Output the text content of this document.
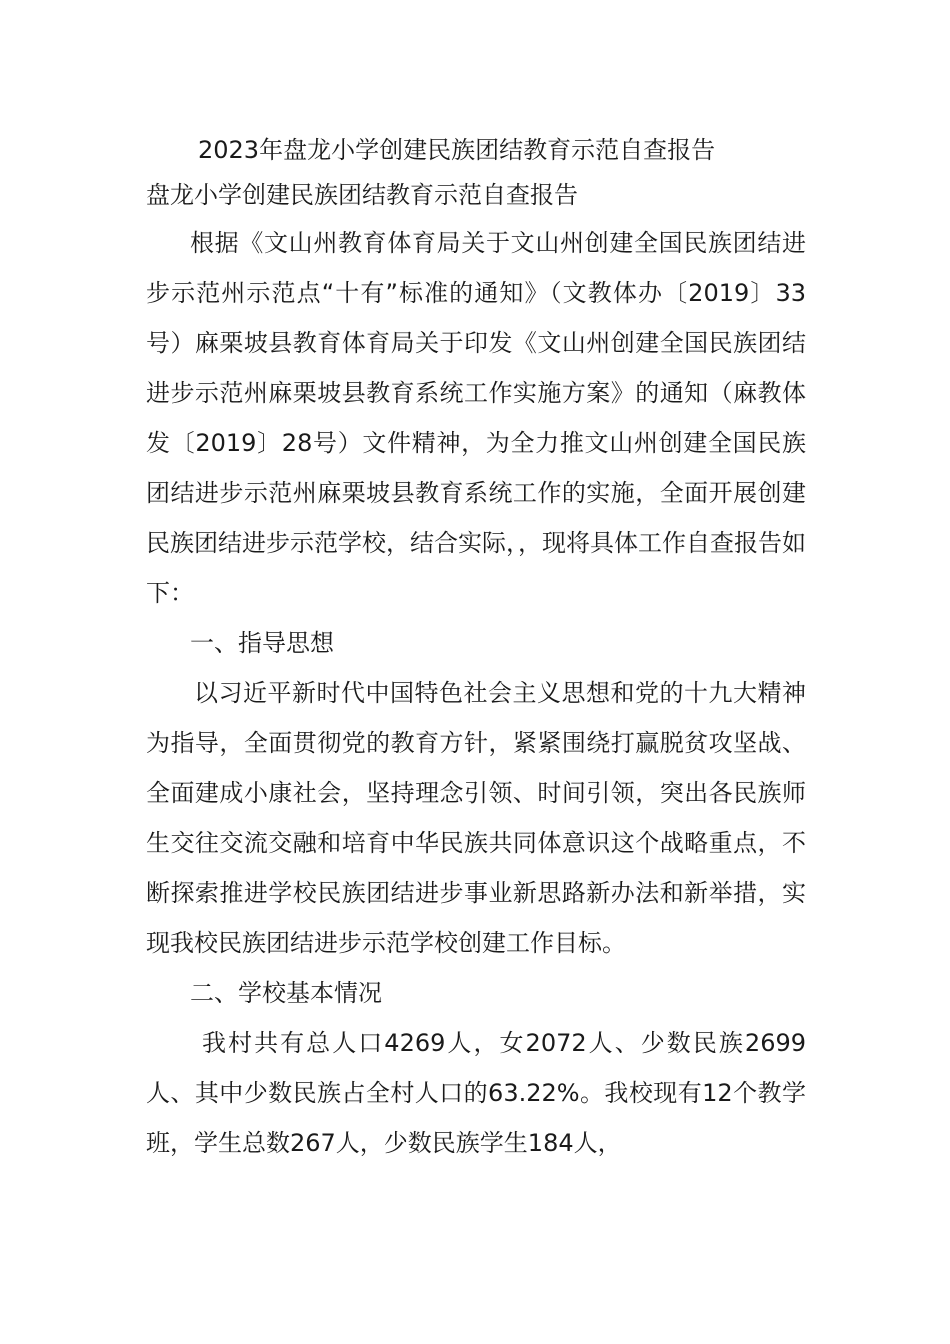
2023年盘龙小学创建民族团结教育示范自查报告

盘龙小学创建民族团结教育示范自查报告

根据《文山州教育体育局关于文山州创建全国民族团结进步示范州示范点“十有”标准的通知》（文教体办〔2019〕33号）麻栗坡县教育体育局关于印发《文山州创建全国民族团结进步示范州麻栗坡县教育系统工作实施方案》的通知（麻教体发〔2019〕28号）文件精神，为全力推文山州创建全国民族团结进步示范州麻栗坡县教育系统工作的实施，全面开展创建民族团结进步示范学校，结合实际，，现将具体工作自查报告如下：

一、指导思想

以习近平新时代中国特色社会主义思想和党的十九大精神为指导，全面贯彻党的教育方针，紧紧围绕打赢脱贫攻坚战、全面建成小康社会，坚持理念引领、时间引领，突出各民族师生交往交流交融和培育中华民族共同体意识这个战略重点，不断探索推进学校民族团结进步事业新思路新办法和新举措，实现我校民族团结进步示范学校创建工作目标。

二、学校基本情况

我村共有总人口4269人，女2072人、少数民族2699人、其中少数民族占全村人口的63.22%。我校现有12个教学班，学生总数267人，少数民族学生184人，
